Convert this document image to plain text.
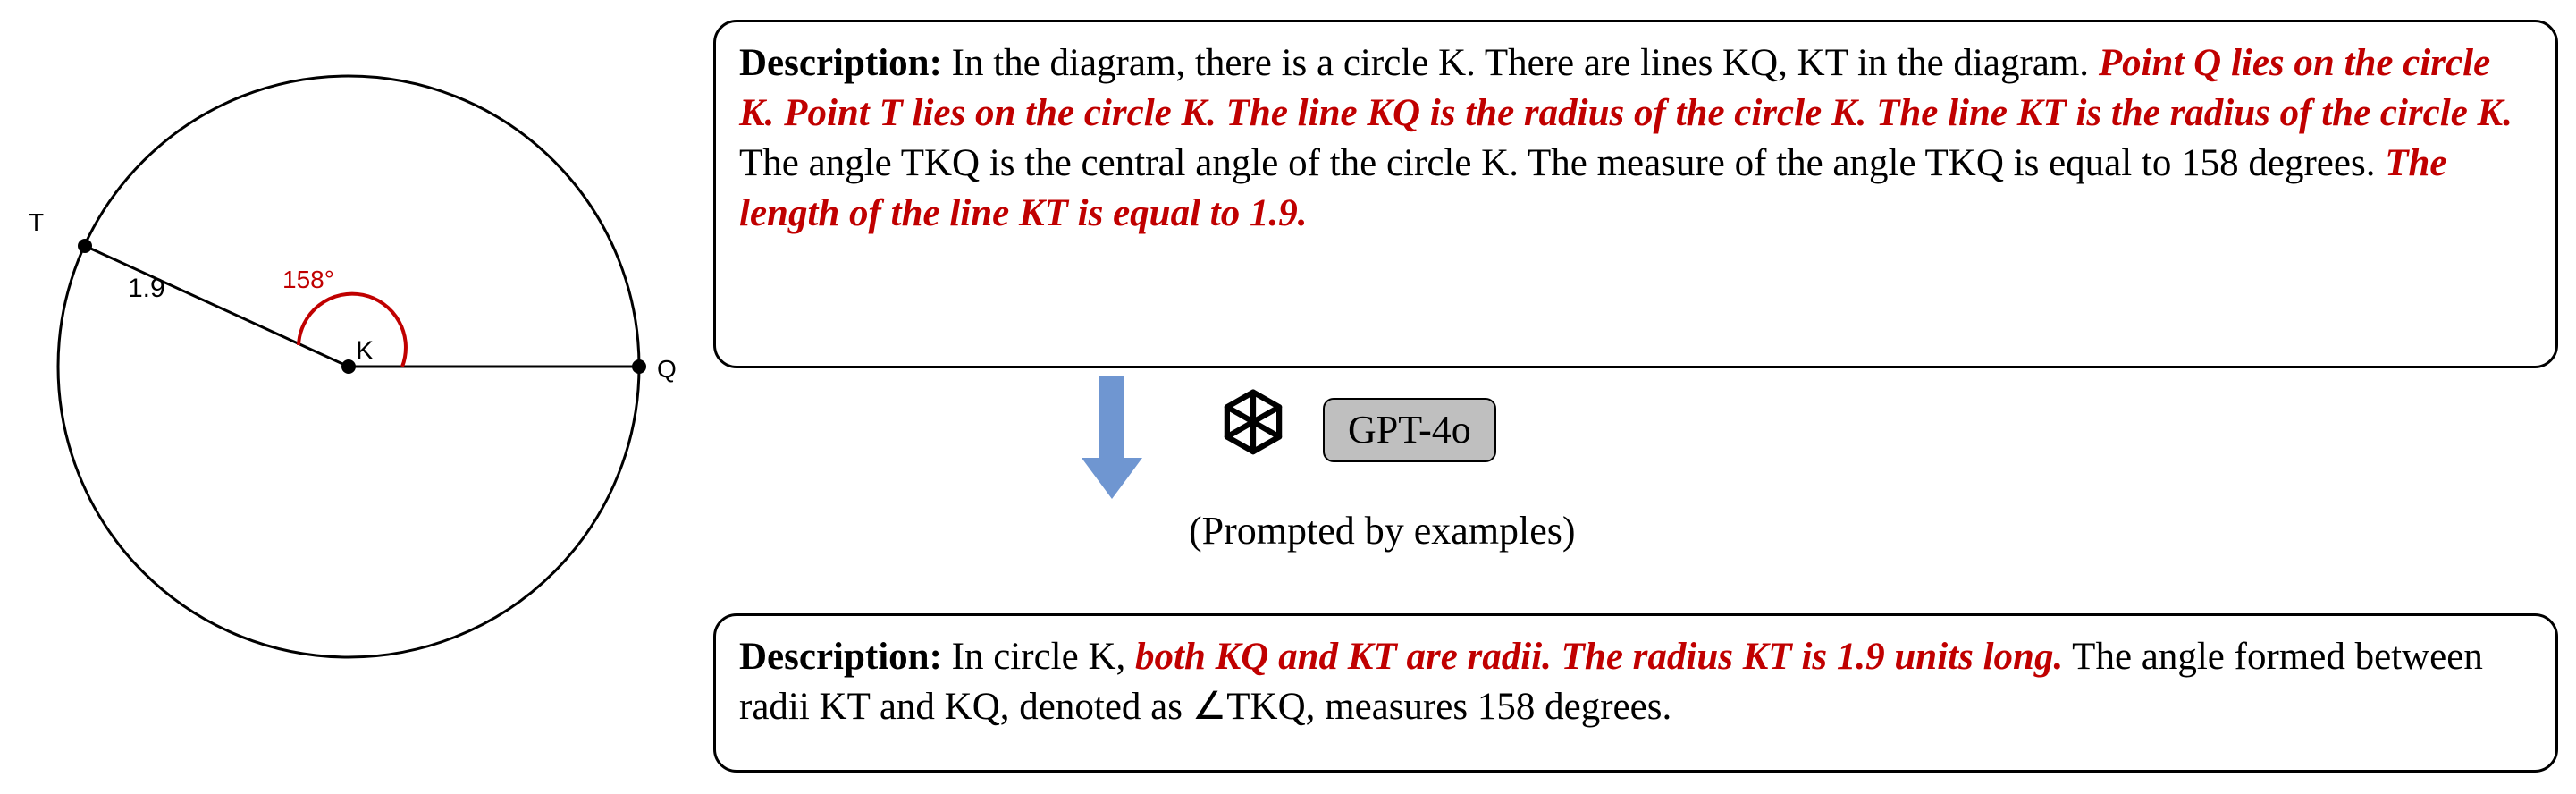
T
Q
K
1.9	158°

Description: In the diagram, there is a circle K. There are lines KQ, KT in the diagram. Point Q lies on the circle K. Point T lies on the circle K. The line KQ is the radius of the circle K. The line KT is the radius of the circle K. The angle TKQ is the central angle of the circle K. The measure of the angle TKQ is equal to 158 degrees. The length of the line KT is equal to 1.9.

GPT-4o
(Prompted by examples)

Description: In circle K, both KQ and KT are radii. The radius KT is 1.9 units long. The angle formed between radii KT and KQ, denoted as ∠TKQ, measures 158 degrees.
